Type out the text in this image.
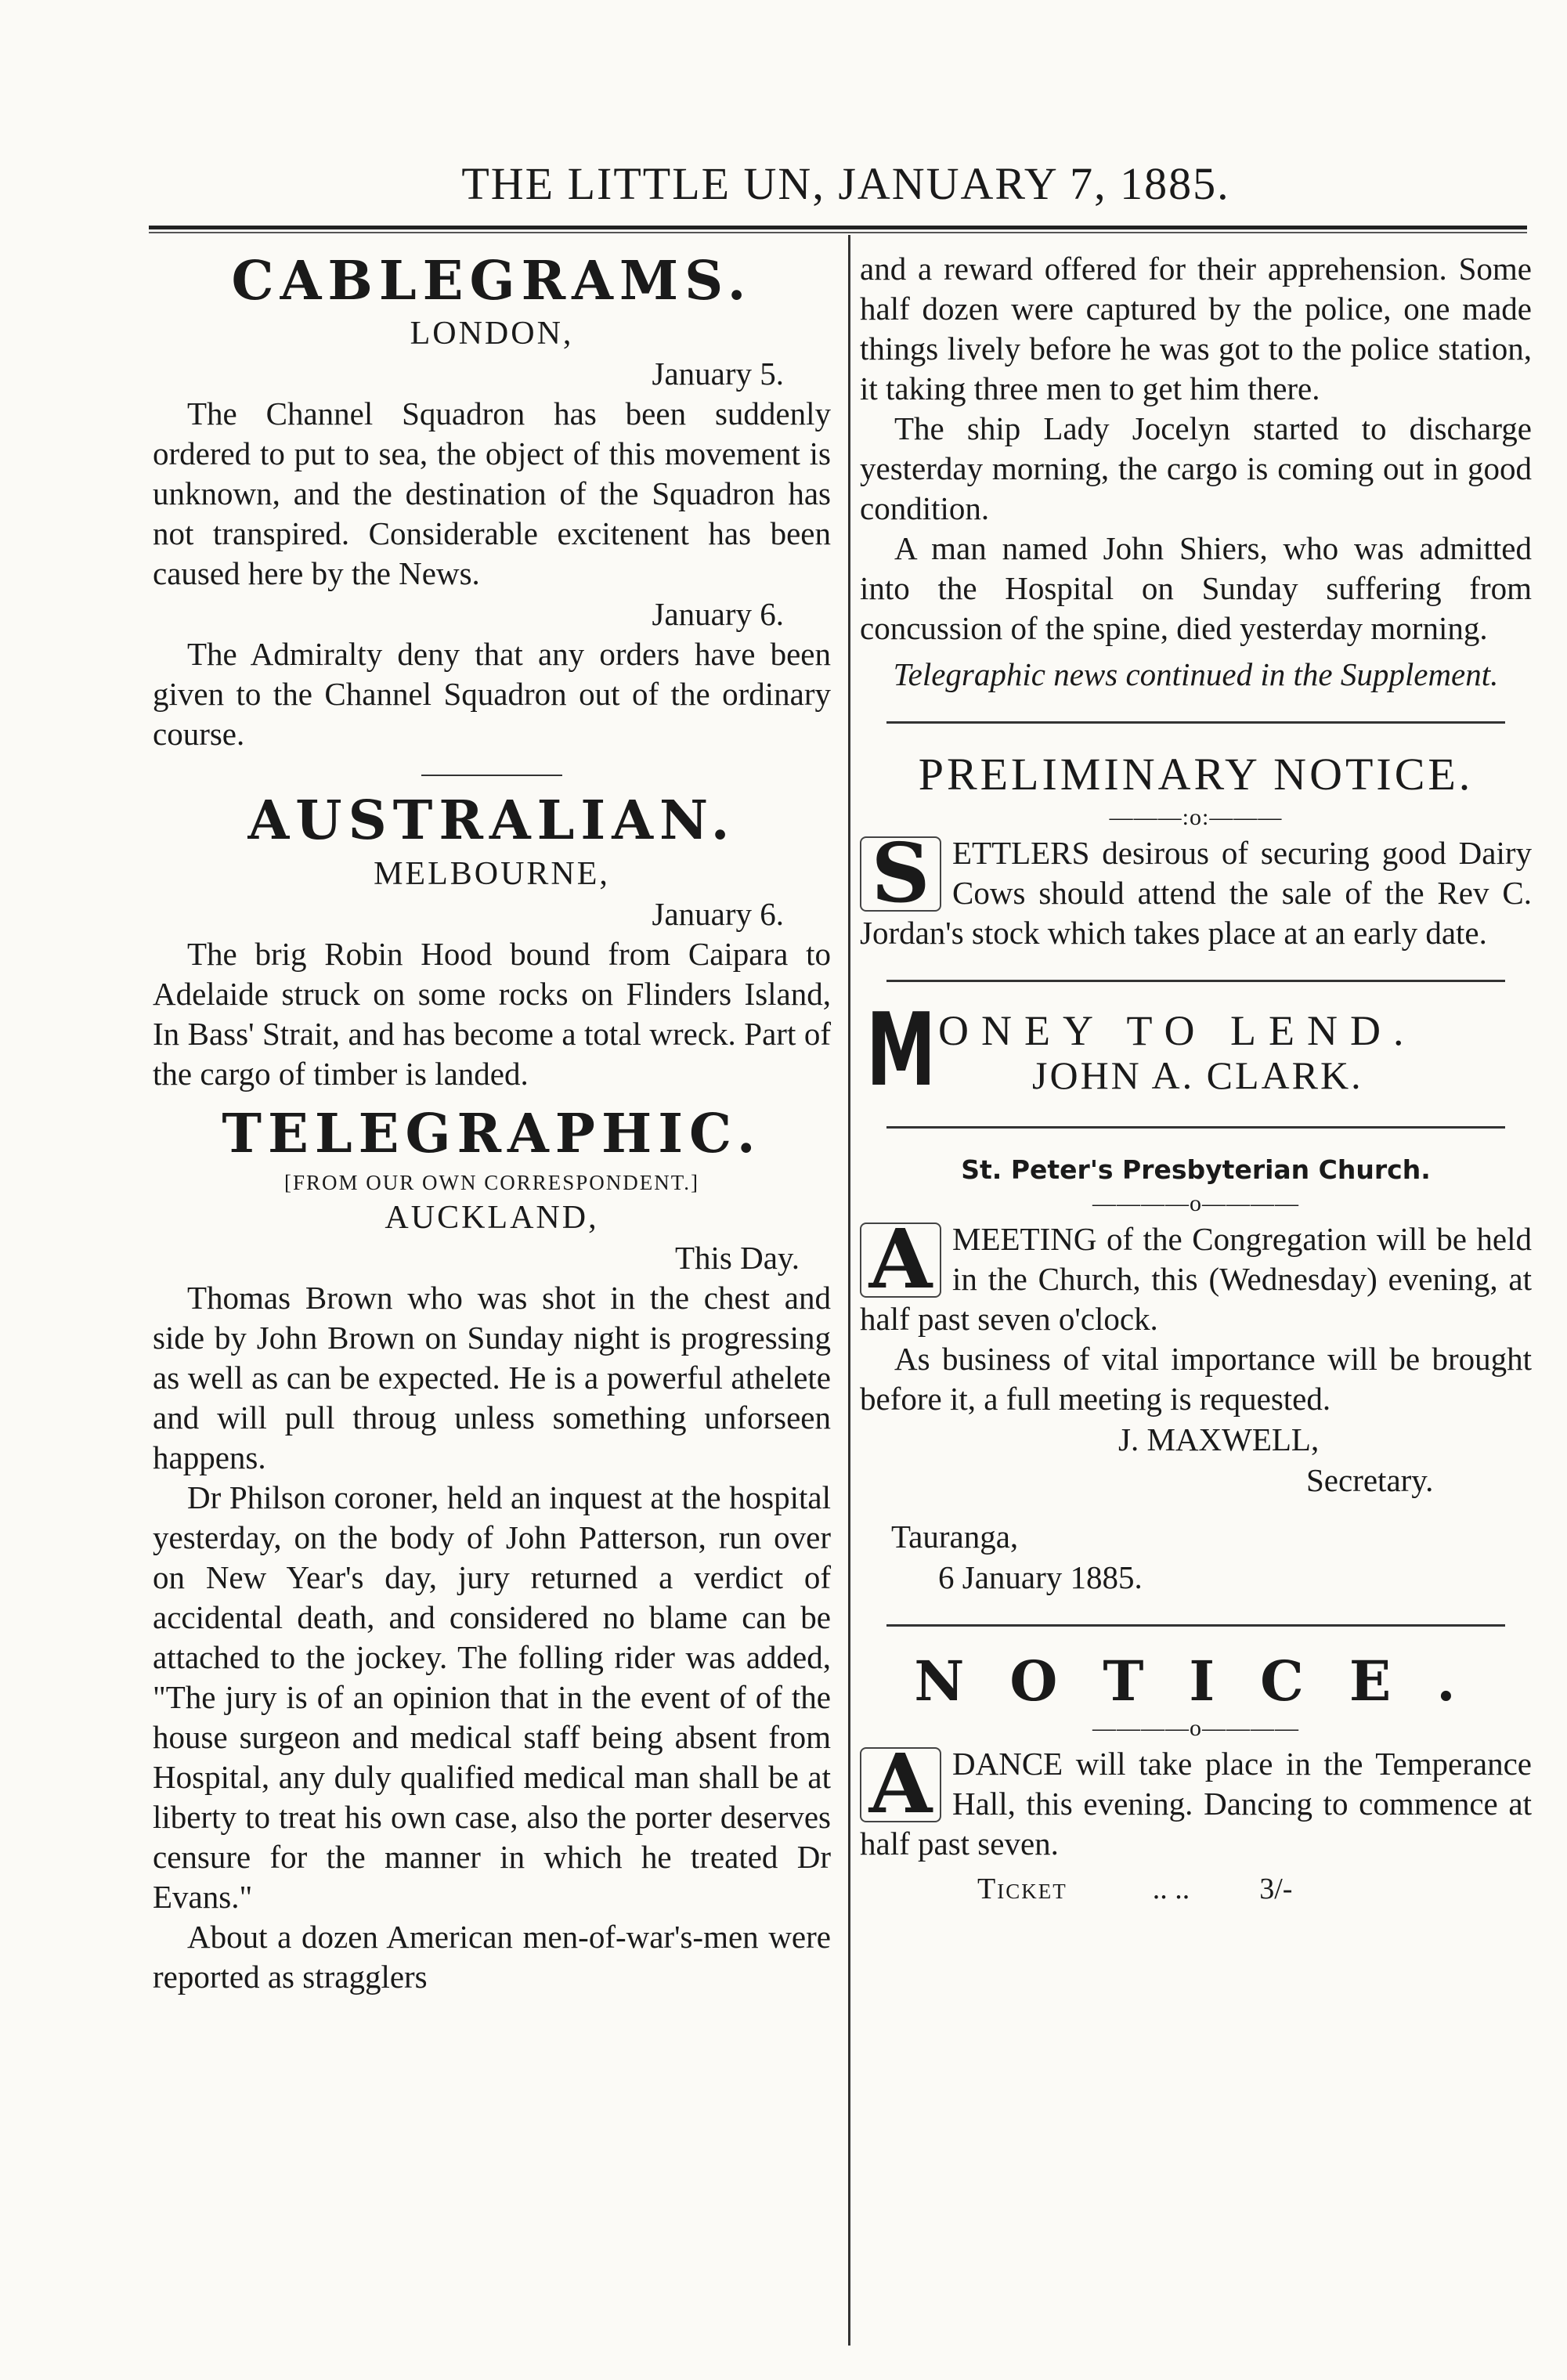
THE LITTLE UN, JANUARY 7, 1885.
CABLEGRAMS.
LONDON,
January 5.

The Channel Squadron has been suddenly ordered to put to sea, the object of this movement is unknown, and the destination of the Squadron has not transpired. Considerable excitenent has been caused here by the News.

January 6.

The Admiralty deny that any orders have been given to the Channel Squadron out of the ordinary course.

AUSTRALIAN.
MELBOURNE,
January 6.

The brig Robin Hood bound from Caipara to Adelaide struck on some rocks on Flinders Island, In Bass' Strait, and has become a total wreck. Part of the cargo of timber is landed.

TELEGRAPHIC.
[FROM OUR OWN CORRESPONDENT.]
AUCKLAND,
This Day.

Thomas Brown who was shot in the chest and side by John Brown on Sunday night is progressing as well as can be expected. He is a powerful athelete and will pull throug unless something unforseen happens.

Dr Philson coroner, held an inquest at the hospital yesterday, on the body of John Patterson, run over on New Year's day, jury returned a verdict of accidental death, and considered no blame can be attached to the jockey. The folling rider was added, "The jury is of an opinion that in the event of of the house surgeon and medical staff being absent from Hospital, any duly qualified medical man shall be at liberty to treat his own case, also the porter deserves censure for the manner in which he treated Dr Evans."

About a dozen American men-of-war's-men were reported as stragglers

and a reward offered for their apprehension. Some half dozen were captured by the police, one made things lively before he was got to the police station, it taking three men to get him there.

The ship Lady Jocelyn started to discharge yesterday morning, the cargo is coming out in good condition.

A man named John Shiers, who was admitted into the Hospital on Sunday suffering from concussion of the spine, died yesterday morning.

Telegraphic news continued in the Supplement.

PRELIMINARY NOTICE.
———:o:———
S ETTLERS desirous of securing good Dairy Cows should attend the sale of the Rev C. Jordan's stock which takes place at an early date.

M ONEY TO LEND.
JOHN A. CLARK.
St. Peter's Presbyterian Church.
————o————
A MEETING of the Congregation will be held in the Church, this (Wednesday) evening, at half past seven o'clock.

As business of vital importance will be brought before it, a full meeting is requested.

J. MAXWELL,
Secretary.
Tauranga,
6 January 1885.
NOTICE.
————o————
A DANCE will take place in the Temperance Hall, this evening. Dancing to commence at half past seven.

Ticket	.. .. 3/-
